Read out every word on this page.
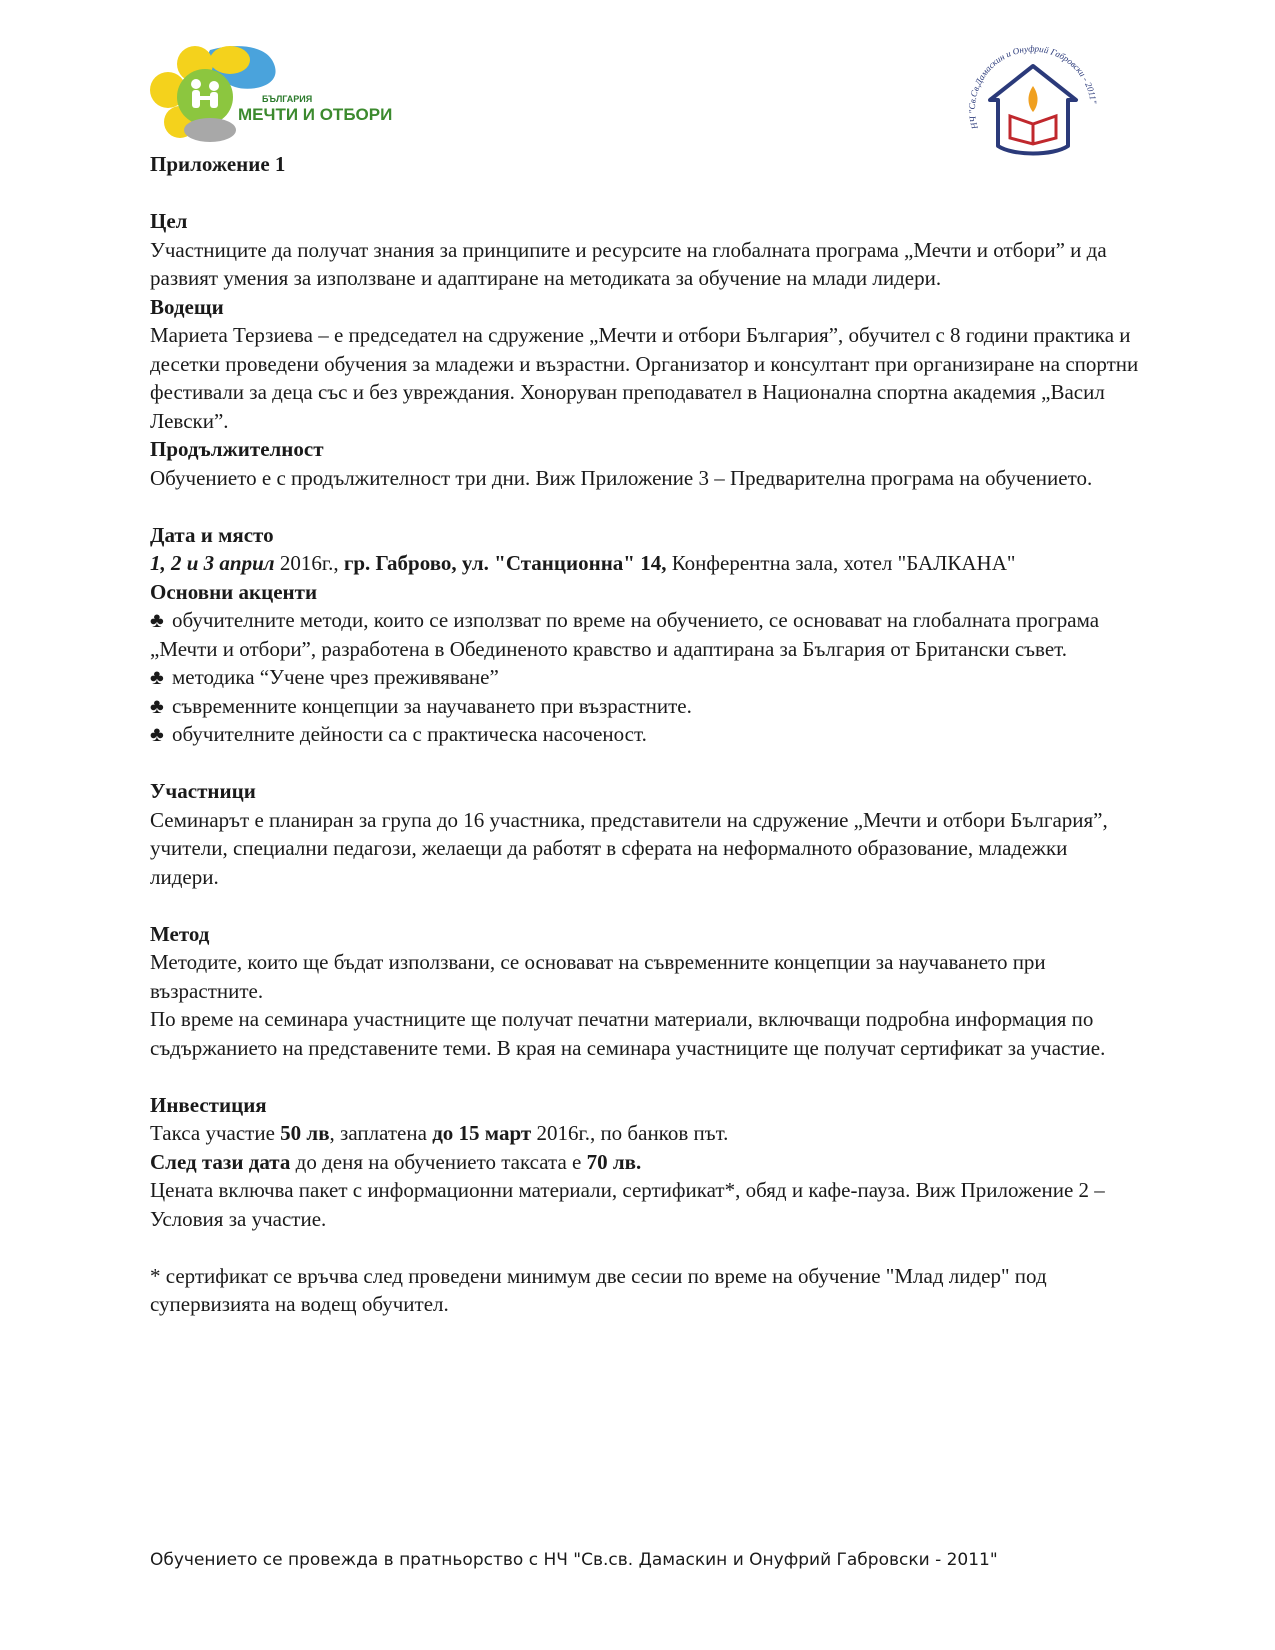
БЪЛГАРИЯ
МЕЧТИ И ОТБОРИ
НЧ "Св.Св.Дамаскин и Онуфрий Габровски - 2011"

Приложение 1

Цел

Участниците да получат знания за принципите и ресурсите на глобалната програма „Мечти и отбори” и да развият умения за използване и адаптиране на методиката за обучение на млади лидери.

Водещи

Мариета Терзиева – е председател на сдружение „Мечти и отбори България”, обучител с 8 години практика и десетки проведени обучения за младежи и възрастни. Организатор и консултант при организиране на спортни фестивали за деца със и без увреждания. Хоноруван преподавател в Национална спортна академия „Васил Левски”.

Продължителност

Обучението е с продължителност три дни. Виж Приложение 3 – Предварителна програма на обучението.

Дата и място

1, 2 и 3 април 2016г., гр. Габрово, ул. "Станционна" 14, Конферентна зала, хотел "БАЛКАНА"

Основни акценти

♣ обучителните методи, които се използват по време на обучението, се основават на глобалната програма „Мечти и отбори”, разработена в Обединеното кравство и адаптирана за България от Британски съвет.

♣ методика “Учене чрез преживяване”

♣ съвременните концепции за научаването при възрастните.

♣ обучителните дейности са с практическа насоченост.

Участници

Семинарът е планиран за група до 16 участника, представители на сдружение „Мечти и отбори България”, учители, специални педагози, желаещи да работят в сферата на неформалното образование, младежки лидери.

Метод

Методите, които ще бъдат използвани, се основават на съвременните концепции за научаването при възрастните.

По време на семинара участниците ще получат печатни материали, включващи подробна информация по съдържанието на представените теми. В края на семинара участниците ще получат сертификат за участие.

Инвестиция

Такса участие 50 лв, заплатена до 15 март 2016г., по банков път.

След тази дата до деня на обучението таксата е 70 лв.

Цената включва пакет с информационни материали, сертификат*, обяд и кафе-пауза. Виж Приложение 2 – Условия за участие.

* сертификат се връчва след проведени минимум две сесии по време на обучение "Млад лидер" под супервизията на водещ обучител.

Обучението се провежда в пратньорство с НЧ "Св.св. Дамаскин и Онуфрий Габровски - 2011"
